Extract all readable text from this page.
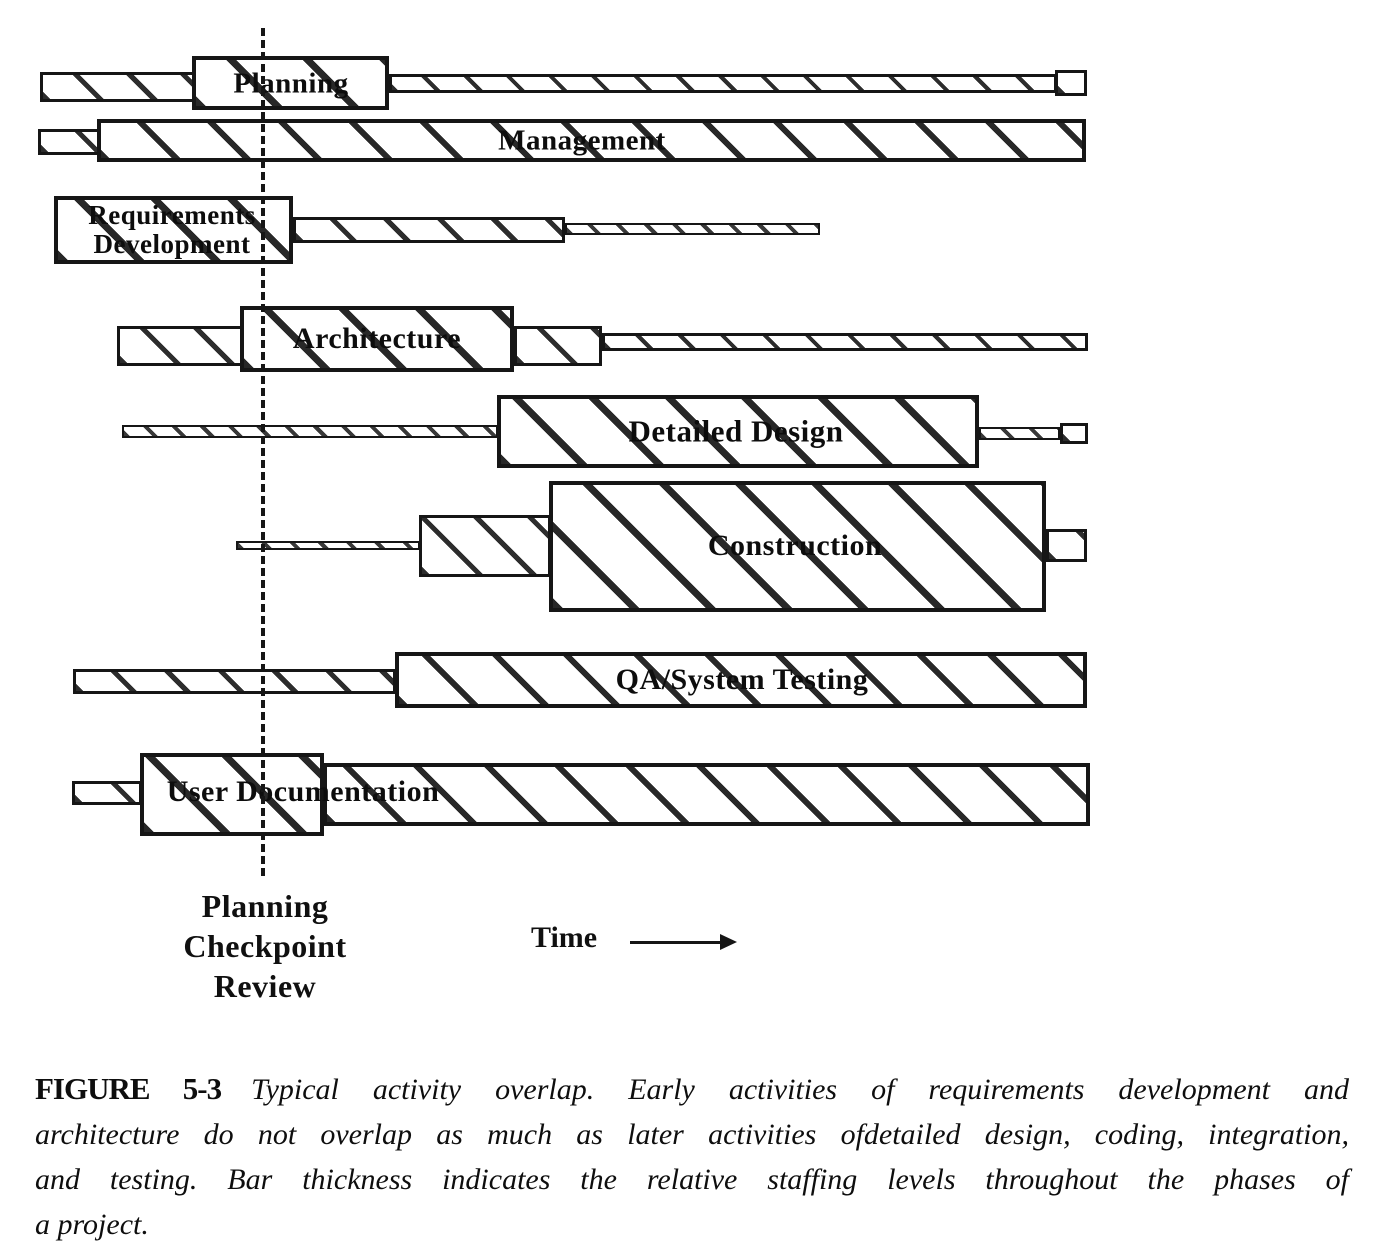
Planning
Management
Requirements
Development
Architecture
Detailed Design
Construction
QA/System Testing
User Documentation
Planning
Checkpoint
Review
Time
FIGURE 5-3 Typical activity overlap. Early activities of requirements development and
architecture do not overlap as much as later activities ofdetailed design, coding, integration,
and testing. Bar thickness indicates the relative staffing levels throughout the phases of
a project.
